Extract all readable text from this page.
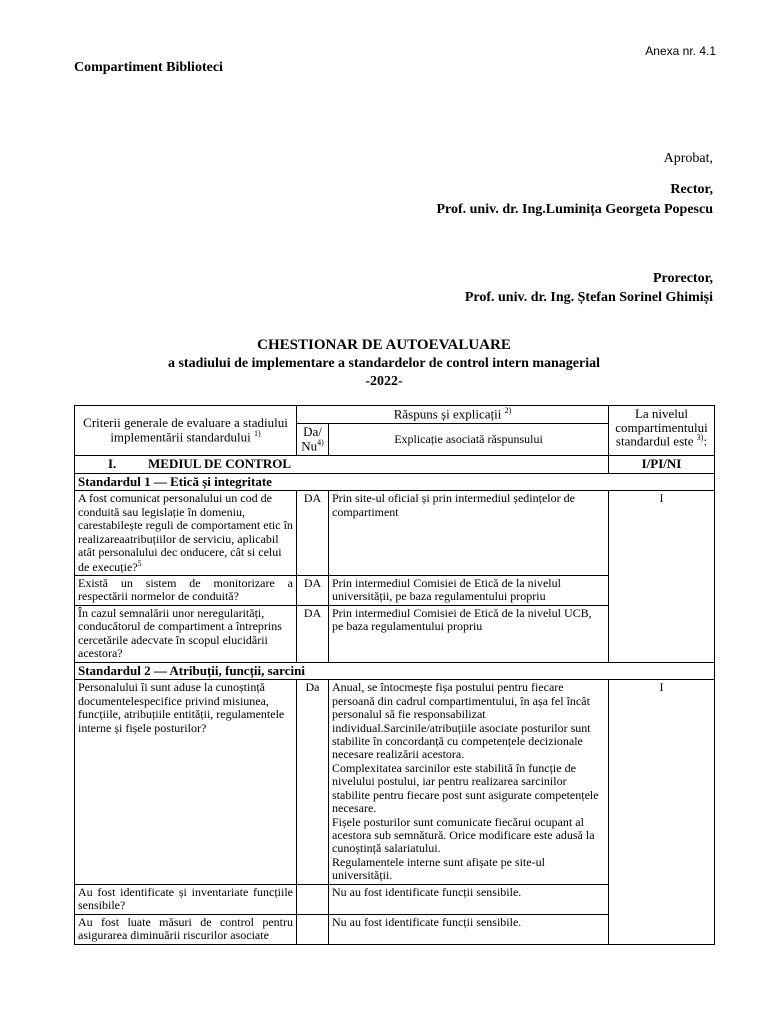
Anexa nr. 4.1
Compartiment Biblioteci
Aprobat,
Rector,
Prof. univ. dr. Ing.Luminița Georgeta Popescu
Prorector,
Prof. univ. dr. Ing. Ștefan Sorinel Ghimiși
CHESTIONAR DE AUTOEVALUARE
a stadiului de implementare a standardelor de control intern managerial
-2022-
Criterii generale de evaluare a stadiului implementării standardului $^{1)}$	Răspuns și explicații $^{2)}$		La nivelul compartimentului standardul este $^{3)}$:
	Da/ Nu$^{4)}$	Explicație asociată răspunsului	
I. MEDIUL DE CONTROL			I/PI/NI
Standardul 1 — Etică și integritate			
A fost comunicat personalului un cod de conduită sau legislație în domeniu, carestabilește reguli de comportament etic în realizareaatribuțiilor de serviciu, aplicabil atât personalului dec onducere, cât si celui de execuție?$^5$	DA	Prin site-ul oficial și prin intermediul ședințelor de compartiment	I
Există un sistem de monitorizare a respectării normelor de conduită?	DA	Prin intermediul Comisiei de Etică de la nivelul universității, pe baza regulamentului propriu	
În cazul semnalării unor neregularități, conducătorul de compartiment a întreprins cercetările adecvate în scopul elucidării acestora?	DA	Prin intermediul Comisiei de Etică de la nivelul UCB, pe baza regulamentului propriu	
Standardul 2 — Atribuții, funcții, sarcini			
Personalului îi sunt aduse la cunoștință documentelespecifice privind misiunea, funcțiile, atribuțiile entității, regulamentele interne și fișele posturilor?	Da	Anual, se întocmește fișa postului pentru fiecare persoană din cadrul compartimentului, în așa fel încât personalul să fie responsabilizat individual.Sarcinile/atribuțiile asociate posturilor sunt stabilite în concordanță cu competențele decizionale necesare realizării acestora.
Complexitatea sarcinilor este stabilită în funcție de nivelului postului, iar pentru realizarea sarcinilor stabilite pentru fiecare post sunt asigurate competențele necesare.
Fișele posturilor sunt comunicate fiecărui ocupant al acestora sub semnătură. Orice modificare este adusă la cunoștință salariatului.
Regulamentele interne sunt afișate pe site-ul universității.	I
Au fost identificate și inventariate funcțiile sensibile?		Nu au fost identificate funcții sensibile.	
Au fost luate măsuri de control pentru asigurarea diminuării riscurilor asociate		Nu au fost identificate funcții sensibile.	
